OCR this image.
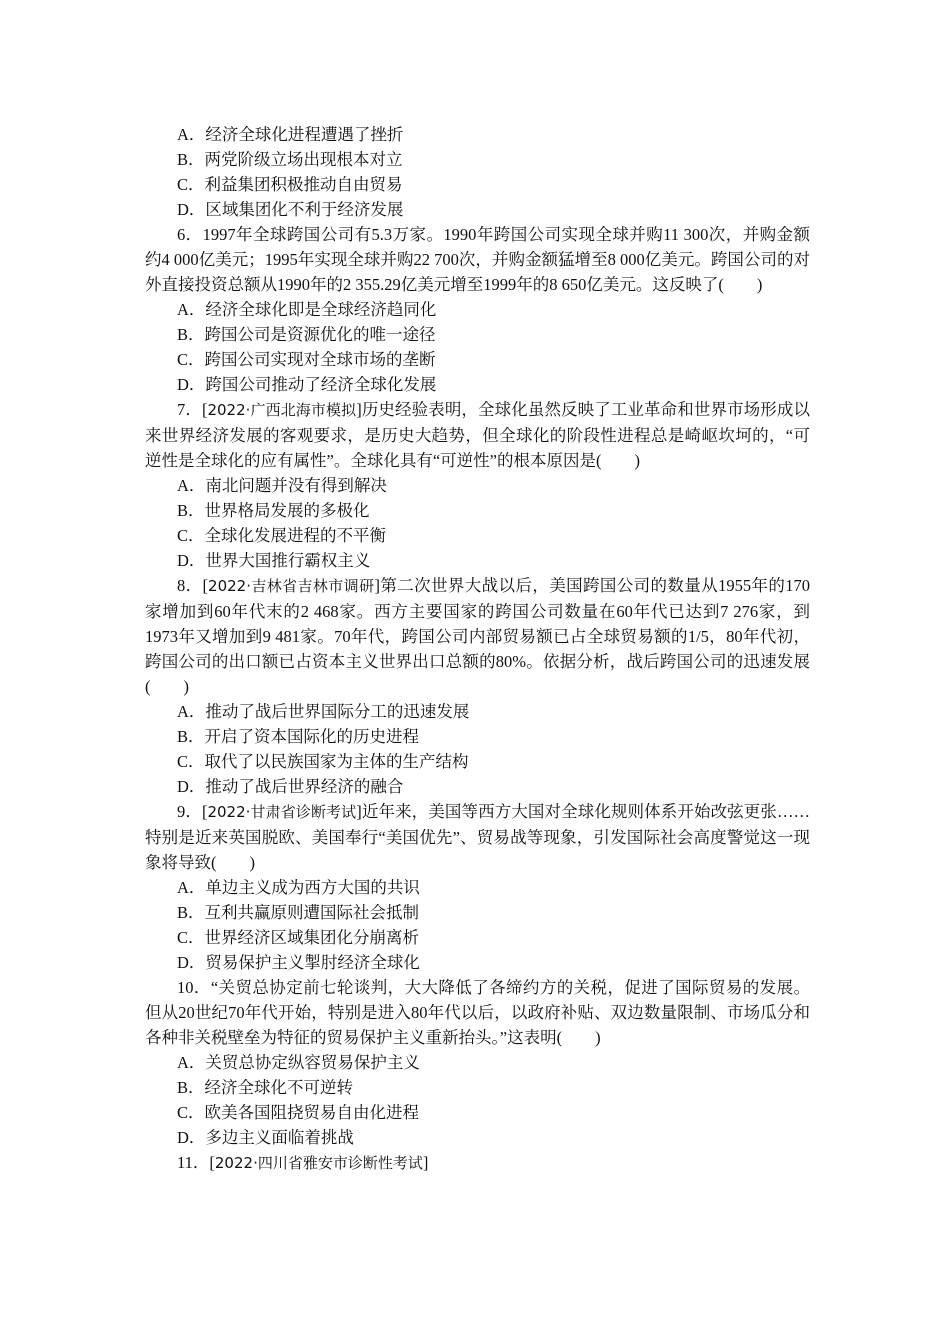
A．经济全球化进程遭遇了挫折
B．两党阶级立场出现根本对立
C．利益集团积极推动自由贸易
D．区域集团化不利于经济发展
6．1997年全球跨国公司有5.3万家。1990年跨国公司实现全球并购11 300次，并购金额约4 000亿美元；1995年实现全球并购22 700次，并购金额猛增至8 000亿美元。跨国公司的对外直接投资总额从1990年的2 355.29亿美元增至1999年的8 650亿美元。这反映了(　　)
A．经济全球化即是全球经济趋同化
B．跨国公司是资源优化的唯一途径
C．跨国公司实现对全球市场的垄断
D．跨国公司推动了经济全球化发展
7．[2022·广西北海市模拟]历史经验表明，全球化虽然反映了工业革命和世界市场形成以来世界经济发展的客观要求，是历史大趋势，但全球化的阶段性进程总是崎岖坎坷的，“可逆性是全球化的应有属性”。全球化具有“可逆性”的根本原因是(　　)
A．南北问题并没有得到解决
B．世界格局发展的多极化
C．全球化发展进程的不平衡
D．世界大国推行霸权主义
8．[2022·吉林省吉林市调研]第二次世界大战以后，美国跨国公司的数量从1955年的170家增加到60年代末的2 468家。西方主要国家的跨国公司数量在60年代已达到7 276家，到1973年又增加到9 481家。70年代，跨国公司内部贸易额已占全球贸易额的1/5，80年代初，跨国公司的出口额已占资本主义世界出口总额的80%。依据分析，战后跨国公司的迅速发展(　　)
A．推动了战后世界国际分工的迅速发展
B．开启了资本国际化的历史进程
C．取代了以民族国家为主体的生产结构
D．推动了战后世界经济的融合
9．[2022·甘肃省诊断考试]近年来，美国等西方大国对全球化规则体系开始改弦更张……特别是近来英国脱欧、美国奉行“美国优先”、贸易战等现象，引发国际社会高度警觉这一现象将导致(　　)
A．单边主义成为西方大国的共识
B．互利共赢原则遭国际社会抵制
C．世界经济区域集团化分崩离析
D．贸易保护主义掣肘经济全球化
10．“关贸总协定前七轮谈判，大大降低了各缔约方的关税，促进了国际贸易的发展。但从20世纪70年代开始，特别是进入80年代以后，以政府补贴、双边数量限制、市场瓜分和各种非关税壁垒为特征的贸易保护主义重新抬头。”这表明(　　)
A．关贸总协定纵容贸易保护主义
B．经济全球化不可逆转
C．欧美各国阻挠贸易自由化进程
D．多边主义面临着挑战
11．[2022·四川省雅安市诊断性考试]
